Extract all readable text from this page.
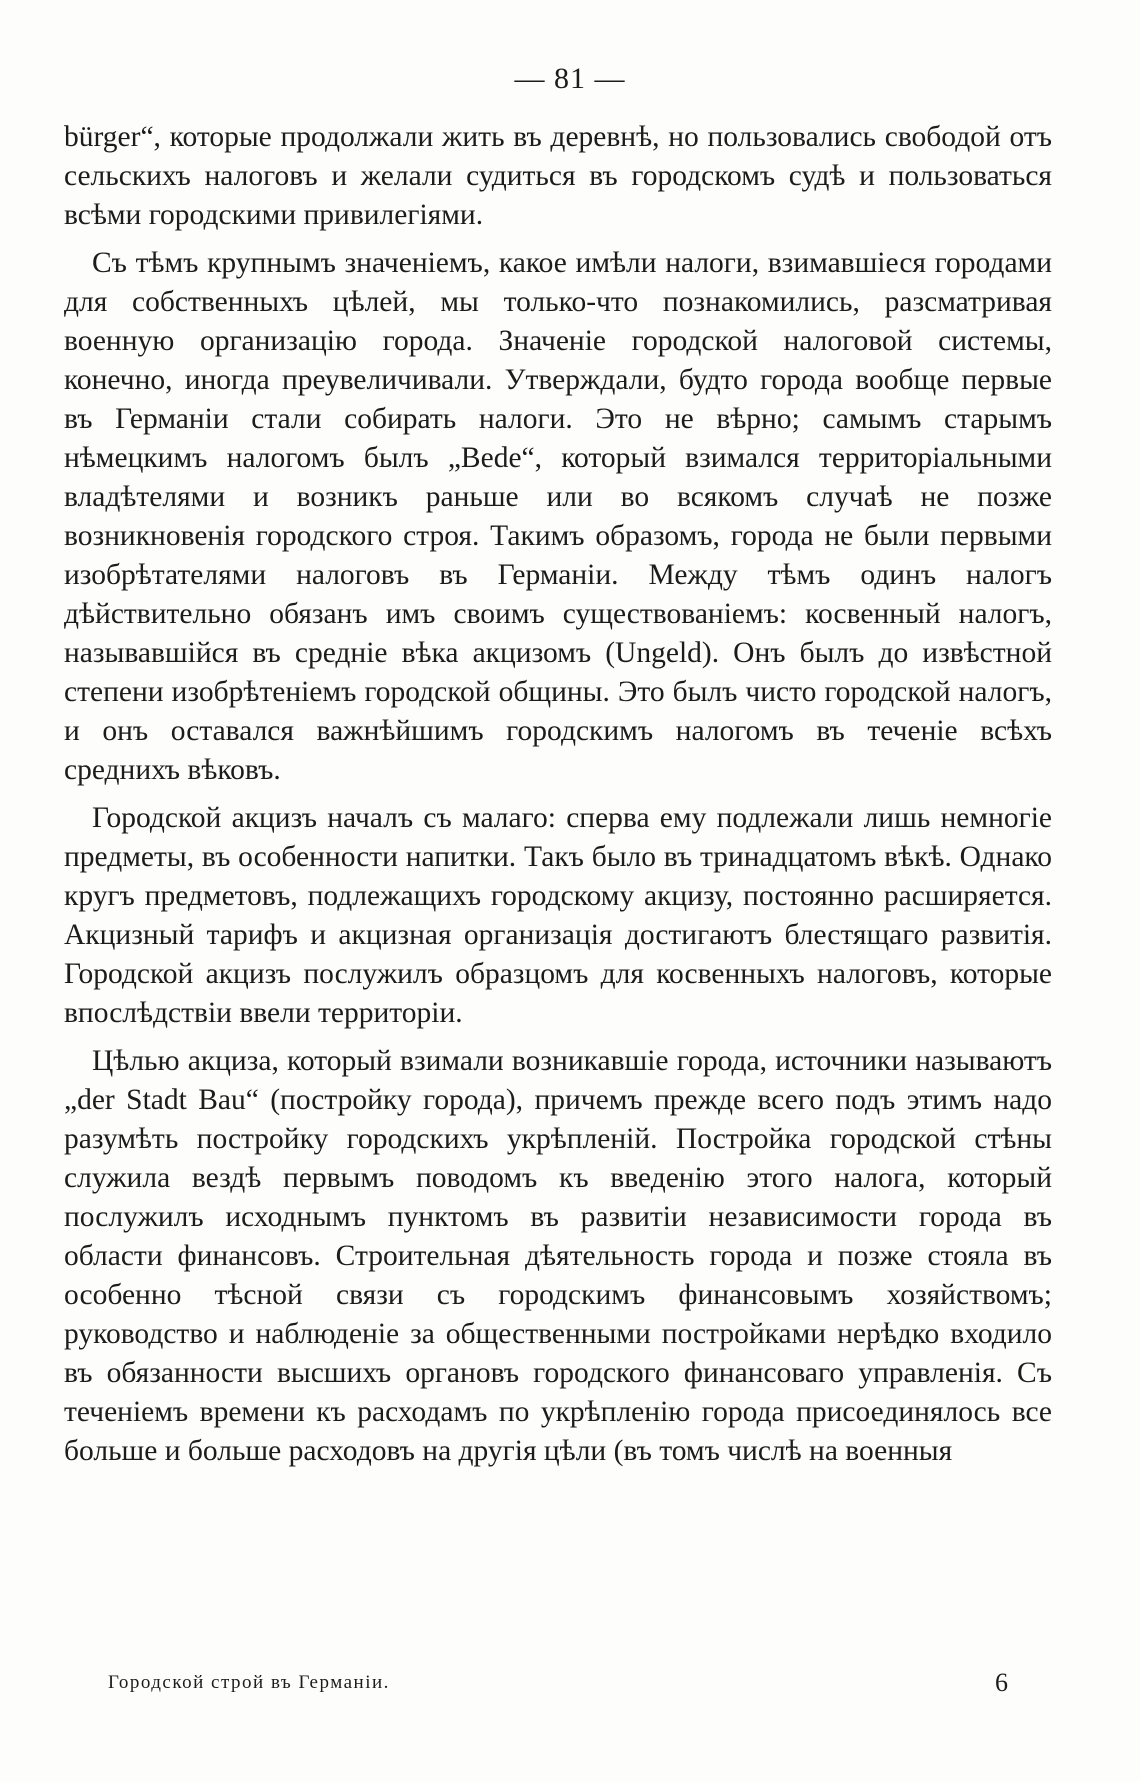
— 81 —

bürger“, которые продолжали жить въ деревнѣ, но пользовались свободой отъ сельскихъ налоговъ и желали судиться въ городскомъ судѣ и пользоваться всѣми городскими привилегіями.

Съ тѣмъ крупнымъ значеніемъ, какое имѣли налоги, взимавшіеся городами для собственныхъ цѣлей, мы только-что познакомились, разсматривая военную организацію города. Значеніе городской налоговой системы, конечно, иногда преувеличивали. Утверждали, будто города вообще первые въ Германіи стали собирать налоги. Это не вѣрно; самымъ старымъ нѣмецкимъ налогомъ былъ „Bede“, который взимался территоріальными владѣтелями и возникъ раньше или во всякомъ случаѣ не позже возникновенія городского строя. Такимъ образомъ, города не были первыми изобрѣтателями налоговъ въ Германіи. Между тѣмъ одинъ налогъ дѣйствительно обязанъ имъ своимъ существованіемъ: косвенный налогъ, называвшійся въ средніе вѣка акцизомъ (Ungeld). Онъ былъ до извѣстной степени изобрѣтеніемъ городской общины. Это былъ чисто городской налогъ, и онъ оставался важнѣйшимъ городскимъ налогомъ въ теченіе всѣхъ среднихъ вѣковъ.

Городской акцизъ началъ съ малаго: сперва ему подлежали лишь немногіе предметы, въ особенности напитки. Такъ было въ тринадцатомъ вѣкѣ. Однако кругъ предметовъ, подлежащихъ городскому акцизу, постоянно расширяется. Акцизный тарифъ и акцизная организація достигаютъ блестящаго развитія. Городской акцизъ послужилъ образцомъ для косвенныхъ налоговъ, которые впослѣдствіи ввели территоріи.

Цѣлью акциза, который взимали возникавшіе города, источники называютъ „der Stadt Bau“ (постройку города), причемъ прежде всего подъ этимъ надо разумѣть постройку городскихъ укрѣпленій. Постройка городской стѣны служила вездѣ первымъ поводомъ къ введенію этого налога, который послужилъ исходнымъ пунктомъ въ развитіи независимости города въ области финансовъ. Строительная дѣятельность города и позже стояла въ особенно тѣсной связи съ городскимъ финансовымъ хозяйствомъ; руководство и наблюденіе за общественными постройками нерѣдко входило въ обязанности высшихъ органовъ городского финансоваго управленія. Съ теченіемъ времени къ расходамъ по укрѣпленію города присоединялось все больше и больше расходовъ на другія цѣли (въ томъ числѣ на военныя

Городской строй въ Германіи.	6
